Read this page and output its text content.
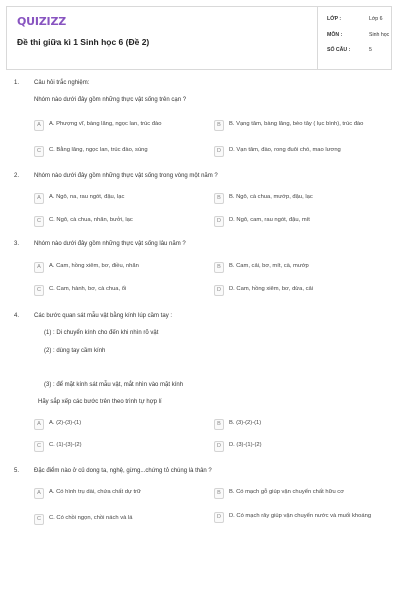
QUIZIZZ
Đề thi giữa kì 1 Sinh học 6 (Đề 2)
LỚP :	Lớp 6
MÔN :	Sinh học
SỐ CÂU :	5
1. Câu hỏi trắc nghiệm:
Nhóm nào dưới đây gồm những thực vật sống trên cạn ?
A	A. Phượng vĩ, bàng lăng, ngọc lan, trúc đào	B	B. Vạng tâm, bàng lăng, bèo tây ( lục bình), trúc đào
C	C. Bằng lăng, ngọc lan, trúc đào, súng	D	D. Vạn tâm, đào, rong đuôi chó, mao lương
2. Nhóm nào dưới đây gồm những thực vật sống trong vòng một năm ?
A	A. Ngô, na, rau ngót, đậu, lạc	B	B. Ngô, cà chua, mướp, đậu, lạc
C	C. Ngô, cà chua, nhãn, bưởi, lạc	D	D. Ngô, cam, rau ngót, đậu, mít
3. Nhóm nào dưới đây gồm những thực vật sống lâu năm ?
A	A. Cam, hồng xiêm, bơ, điều, nhãn	B	B. Cam, cải, bơ, mít, cà, mướp
C	C. Cam, hành, bơ, cà chua, ổi	D	D. Cam, hồng xiêm, bơ, dừa, cải
4. Các bước quan sát mẫu vật bằng kính lúp cầm tay :
(1) : Di chuyển kính cho đến khi nhìn rõ vật
(2) : dùng tay cầm kính
(3) : để mặt kính sát mẫu vật, mắt nhìn vào mặt kính
Hãy sắp xếp các bước trên theo trình tự hợp lí
A	A. (2)-(3)-(1)	B	B. (3)-(2)-(1)
C	C. (1)-(3)-(2)	D	D. (3)-(1)-(2)
5. Đặc điểm nào ở củ dong ta, nghệ, gừng...chứng tỏ chúng là thân ?
A	A. Có hình trụ dài, chứa chất dự trữ	B	B. Có mạch gỗ giúp vận chuyển chất hữu cơ
C	C. Có chồi ngọn, chồi nách và lá	D	D. Có mạch rây giúp vận chuyển nước và muối khoáng
